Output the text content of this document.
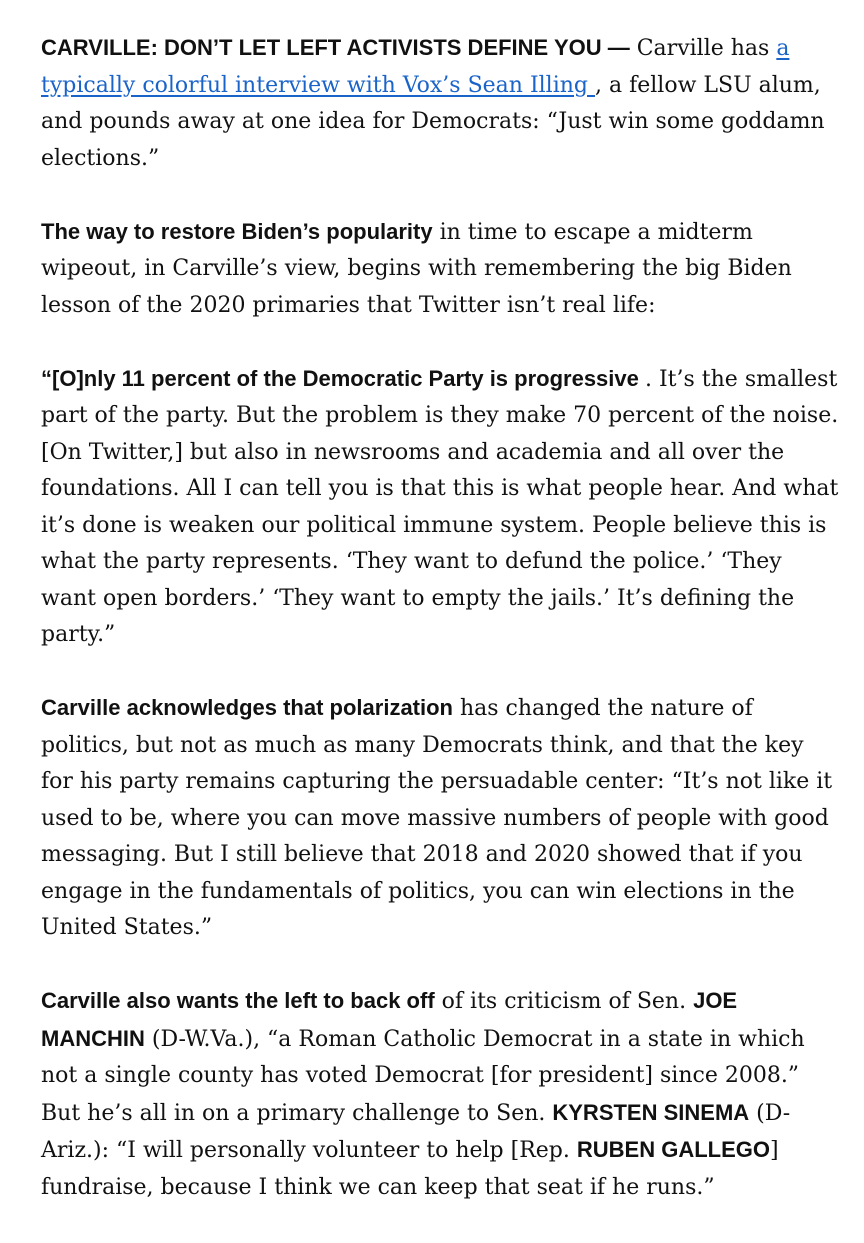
CARVILLE: DON’T LET LEFT ACTIVISTS DEFINE YOU — Carville has a typically colorful interview with Vox’s Sean Illing , a fellow LSU alum, and pounds away at one idea for Democrats: “Just win some goddamn elections.”

The way to restore Biden’s popularity in time to escape a midterm wipeout, in Carville’s view, begins with remembering the big Biden lesson of the 2020 primaries that Twitter isn’t real life:

“[O]nly 11 percent of the Democratic Party is progressive . It’s the smallest part of the party. But the problem is they make 70 percent of the noise. [On Twitter,] but also in newsrooms and academia and all over the foundations. All I can tell you is that this is what people hear. And what it’s done is weaken our political immune system. People believe this is what the party represents. ‘They want to defund the police.’ ‘They want open borders.’ ‘They want to empty the jails.’ It’s defining the party.”

Carville acknowledges that polarization has changed the nature of politics, but not as much as many Democrats think, and that the key for his party remains capturing the persuadable center: “It’s not like it used to be, where you can move massive numbers of people with good messaging. But I still believe that 2018 and 2020 showed that if you engage in the fundamentals of politics, you can win elections in the United States.”

Carville also wants the left to back off of its criticism of Sen. JOE MANCHIN (D-W.Va.), “a Roman Catholic Democrat in a state in which not a single county has voted Democrat [for president] since 2008.” But he’s all in on a primary challenge to Sen. KYRSTEN SINEMA (D-Ariz.): “I will personally volunteer to help [Rep. RUBEN GALLEGO] fundraise, because I think we can keep that seat if he runs.”
